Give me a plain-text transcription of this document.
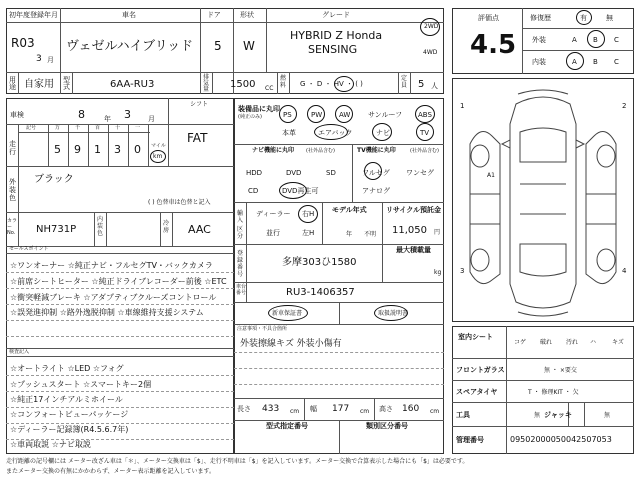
初年度登録年月
R03
3 月
車名
ヴェゼルハイブリッド
ドア
5
形状
W
グレード
HYBRID Z Honda
SENSING
2WD
4WD
用途 自家用 型式	6AA-RU3
排気量 1500 CC
燃料 G ・ D ・ HV ・ ( )
定員 5 人
評価点
4.5
修復歴	有	無
外装	A B C
内装	A B C
車検	8	年 3 月
シフト
FAT
走行
記号	万	千	百	十	一
5 9 1 3 0 マイル
km
外装色
ブラック
( ) 色替車は色替と記入
カラーNo. NH731P
内装色
冷房 AAC
セールスポイント
☆ワンオーナー ☆純正ナビ・フルセグTV・バックカメラ
☆前席シートヒーター ☆純正ドライブレコーダー前後 ☆ETC
☆衝突軽減ブレーキ ☆アダプティブクルーズコントロール
☆誤発進抑制 ☆路外逸脱抑制 ☆車線維持支援システム
検査記入
☆オートライト ☆LED ☆フォグ
☆プッシュスタート ☆スマートキー2個
☆純正17インチアルミホイール
☆コンフォートビューパッケージ
☆ディーラー記録簿(R4.5.6.7年)
☆車両取説 ☆ナビ取説
装備品に丸印
(純正のみ)	PS	PW AW	サンルーフ ABS
本革	エアバック	ナビ	TV
ナビ機能に丸印 (社外品含む)
HDD	DVD	SD
CD	DVD再生可
TV機能に丸印	(社外品含む)
フルセグ ワンセグ
アナログ
輸入
区分
ディーラー
並行
右H
左H
モデル年式
年 不明
リサイクル預託金
11,050 円
登録番号
多摩303ひ1580
最大積載量
kg
車台番号	RU3-1406357
新車保証書	取扱説明書
注意事項・不具合箇所
外装擦線キズ 外装小傷有
長さ 433 cm 幅 177 cm 高さ 160 cm
型式指定番号	類別区分番号
1	2
3	4
A1
室内シート
コゲ 破れ 汚れ ハ	キズ
フロントガラス	無 ・ ×要交
スペアタイヤ	T ・ 修理KIT ・ 欠
工具	無 ジャッキ	無
管理番号	09502000050042507053
走行距離の記号欄には メーター改ざん車は「＊」、メーター交換車は「$」、走行不明車は「$」を記入しています。メーター交換で合算表示した場合にも「$」は必要です。
またメーター交換の有無にかかわらず、メーター表示距離を記入しています。
